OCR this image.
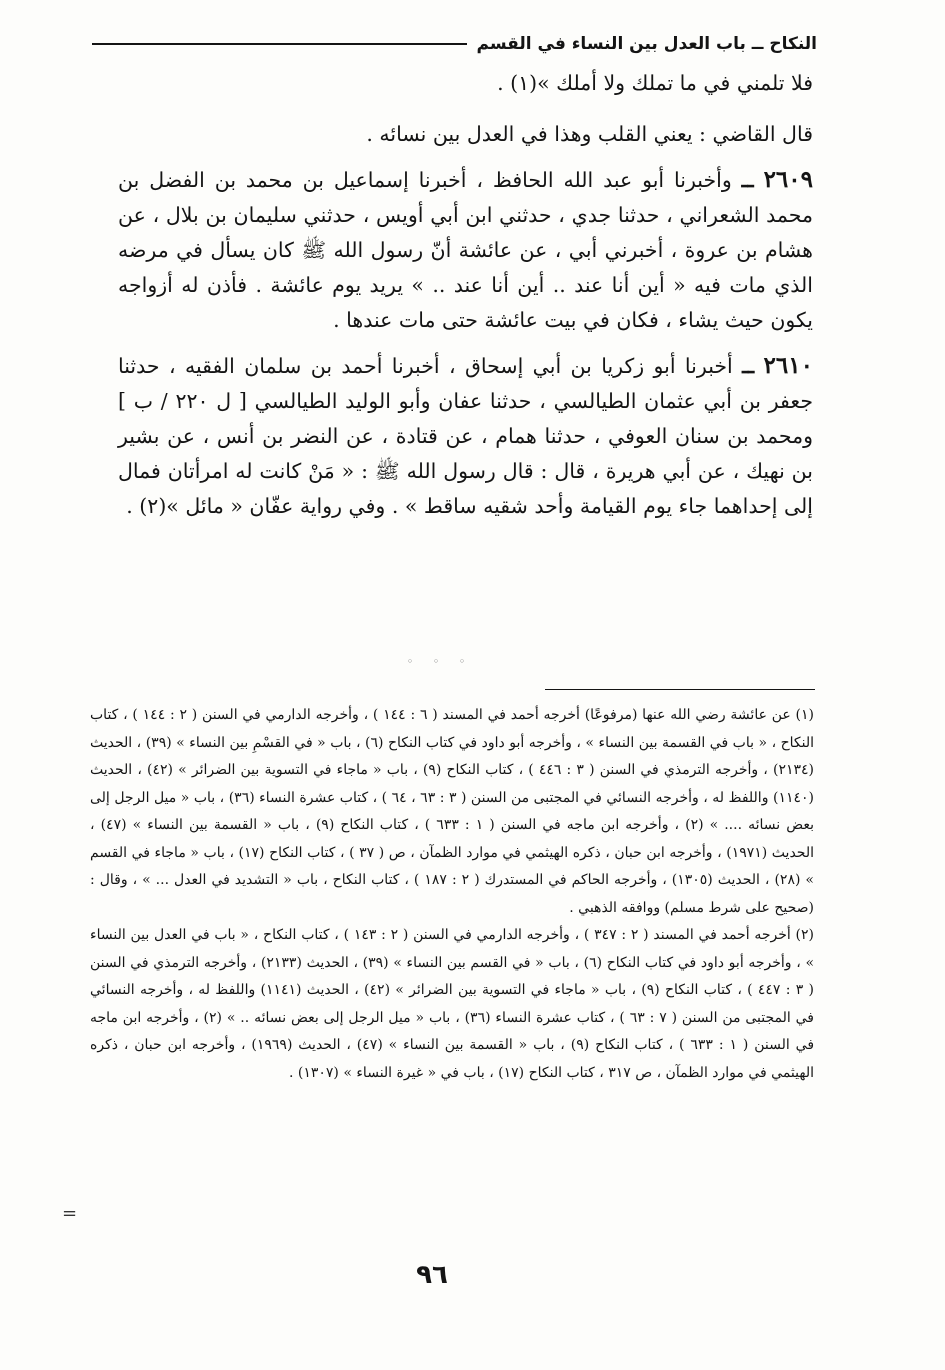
النكاح ــ باب العدل بين النساء في القسم

فلا تلمني في ما تملك ولا أملك »(١) .

قال القاضي : يعني القلب وهذا في العدل بين نسائه .

٢٦٠٩ ــ وأخبرنا أبو عبد الله الحافظ ، أخبرنا إسماعيل بن محمد بن الفضل بن محمد الشعراني ، حدثنا جدي ، حدثني ابن أبي أويس ، حدثني سليمان بن بلال ، عن هشام بن عروة ، أخبرني أبي ، عن عائشة أنّ رسول الله ﷺ كان يسأل في مرضه الذي مات فيه « أين أنا عند .. أين أنا عند .. » يريد يوم عائشة . فأذن له أزواجه يكون حيث يشاء ، فكان في بيت عائشة حتى مات عندها .

٢٦١٠ ــ أخبرنا أبو زكريا بن أبي إسحاق ، أخبرنا أحمد بن سلمان الفقيه ، حدثنا جعفر بن أبي عثمان الطيالسي ، حدثنا عفان وأبو الوليد الطيالسي [ ل ٢٢٠ / ب ] ومحمد بن سنان العوفي ، حدثنا همام ، عن قتادة ، عن النضر بن أنس ، عن بشير بن نهيك ، عن أبي هريرة ، قال : قال رسول الله ﷺ : « مَنْ كانت له امرأتان فمال إلى إحداهما جاء يوم القيامة وأحد شقيه ساقط » . وفي رواية عفّان « مائل »(٢) .

◦ ◦ ◦

(١) عن عائشة رضي الله عنها (مرفوعًا) أخرجه أحمد في المسند ( ٦ : ١٤٤ ) ، وأخرجه الدارمي في السنن ( ٢ : ١٤٤ ) ، كتاب النكاح ، « باب في القسمة بين النساء » ، وأخرجه أبو داود في كتاب النكاح (٦) ، باب « في القسْمِ بين النساء » (٣٩) ، الحديث (٢١٣٤) ، وأخرجه الترمذي في السنن ( ٣ : ٤٤٦ ) ، كتاب النكاح (٩) ، باب « ماجاء في التسوية بين الضرائر » (٤٢) ، الحديث (١١٤٠) واللفظ له ، وأخرجه النسائي في المجتبى من السنن ( ٣ : ٦٣ ، ٦٤ ) ، كتاب عشرة النساء (٣٦) ، باب « ميل الرجل إلى بعض نسائه .... » (٢) ، وأخرجه ابن ماجه في السنن ( ١ : ٦٣٣ ) ، كتاب النكاح (٩) ، باب « القسمة بين النساء » (٤٧) ، الحديث (١٩٧١) ، وأخرجه ابن حبان ، ذكره الهيثمي في موارد الظمآن ، ص ( ٣٧ ) ، كتاب النكاح (١٧) ، باب « ماجاء في القسم » (٢٨) ، الحديث (١٣٠٥) ، وأخرجه الحاكم في المستدرك ( ٢ : ١٨٧ ) ، كتاب النكاح ، باب « التشديد في العدل ... » ، وقال : (صحيح على شرط مسلم) ووافقه الذهبي .

(٢) أخرجه أحمد في المسند ( ٢ : ٣٤٧ ) ، وأخرجه الدارمي في السنن ( ٢ : ١٤٣ ) ، كتاب النكاح ، « باب في العدل بين النساء » ، وأخرجه أبو داود في كتاب النكاح (٦) ، باب « في القسم بين النساء » (٣٩) ، الحديث (٢١٣٣) ، وأخرجه الترمذي في السنن ( ٣ : ٤٤٧ ) ، كتاب النكاح (٩) ، باب « ماجاء في التسوية بين الضرائر » (٤٢) ، الحديث (١١٤١) واللفظ له ، وأخرجه النسائي في المجتبى من السنن ( ٧ : ٦٣ ) ، كتاب عشرة النساء (٣٦) ، باب « ميل الرجل إلى بعض نسائه .. » (٢) ، وأخرجه ابن ماجه في السنن ( ١ : ٦٣٣ ) ، كتاب النكاح (٩) ، باب « القسمة بين النساء » (٤٧) ، الحديث (١٩٦٩) ، وأخرجه ابن حبان ، ذكره الهيثمي في موارد الظمآن ، ص ٣١٧ ، كتاب النكاح (١٧) ، باب في « غيرة النساء » (١٣٠٧) .

=
٩٦
